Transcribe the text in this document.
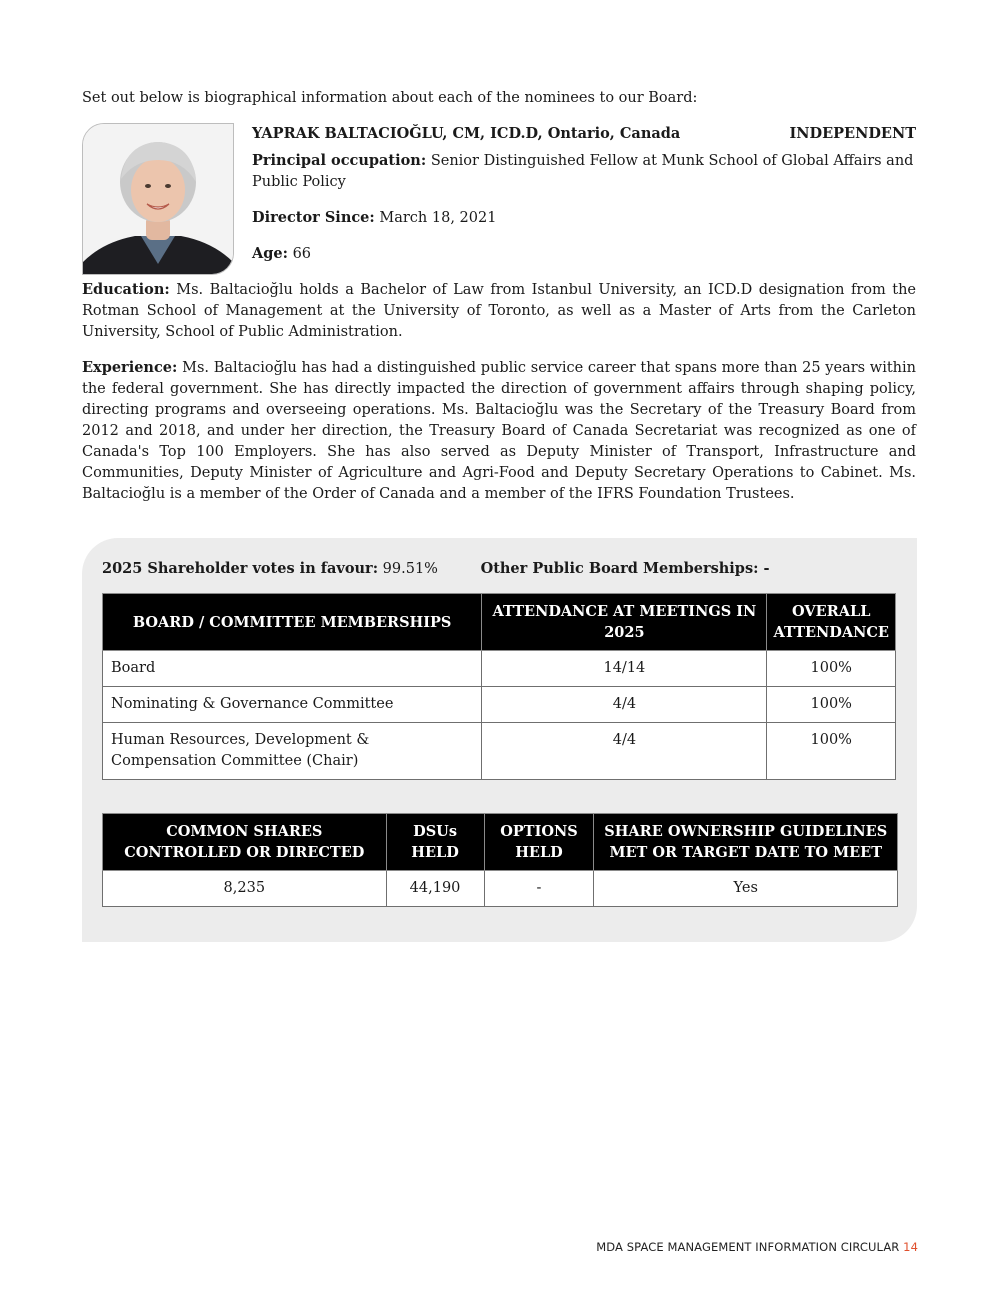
Set out below is biographical information about each of the nominees to our Board:
YAPRAK BALTACIOĞLU, CM, ICD.D, Ontario, Canada	INDEPENDENT

Principal occupation: Senior Distinguished Fellow at Munk School of Global Affairs and Public Policy

Director Since: March 18, 2021

Age: 66

Education: Ms. Baltacioğlu holds a Bachelor of Law from Istanbul University, an ICD.D designation from the Rotman School of Management at the University of Toronto, as well as a Master of Arts from the Carleton University, School of Public Administration.

Experience: Ms. Baltacioğlu has had a distinguished public service career that spans more than 25 years within the federal government. She has directly impacted the direction of government affairs through shaping policy, directing programs and overseeing operations. Ms. Baltacioğlu was the Secretary of the Treasury Board from 2012 and 2018, and under her direction, the Treasury Board of Canada Secretariat was recognized as one of Canada's Top 100 Employers. She has also served as Deputy Minister of Transport, Infrastructure and Communities, Deputy Minister of Agriculture and Agri-Food and Deputy Secretary Operations to Cabinet. Ms. Baltacioğlu is a member of the Order of Canada and a member of the IFRS Foundation Trustees.

2025 Shareholder votes in favour: 99.51%	Other Public Board Memberships: -
BOARD / COMMITTEE MEMBERSHIPS	ATTENDANCE AT MEETINGS IN 2025	OVERALL ATTENDANCE
Board	14/14	100%
Nominating & Governance Committee	4/4	100%
Human Resources, Development & Compensation Committee (Chair)	4/4	100%
COMMON SHARES CONTROLLED OR DIRECTED	DSUs HELD	OPTIONS HELD	SHARE OWNERSHIP GUIDELINES MET OR TARGET DATE TO MEET
8,235	44,190	-	Yes
MDA SPACE MANAGEMENT INFORMATION CIRCULAR 14
